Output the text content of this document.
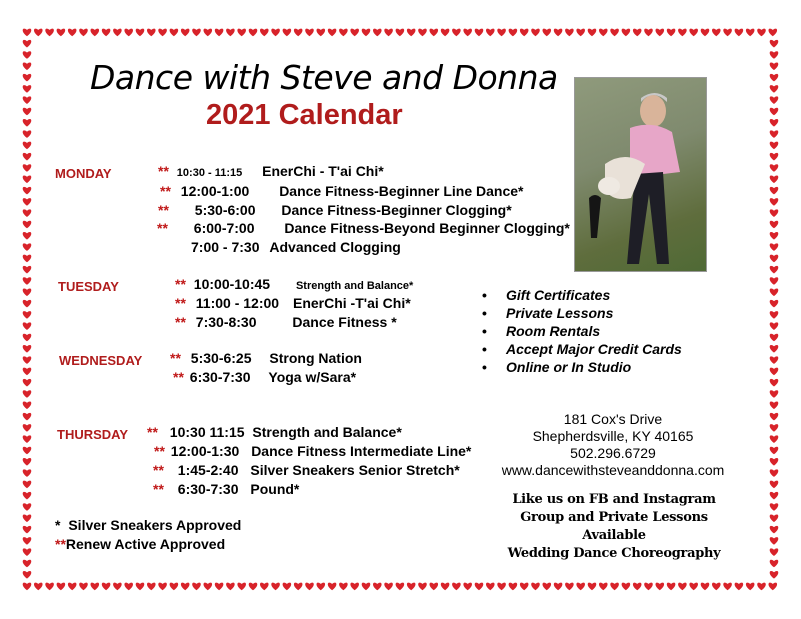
Dance with Steve and Donna
2021 Calendar
MONDAY	** 10:30 - 11:15 EnerChi - T'ai Chi*
** 12:00-1:00 Dance Fitness-Beginner Line Dance*
** 5:30-6:00 Dance Fitness-Beginner Clogging*
** 6:00-7:00 Dance Fitness-Beyond Beginner Clogging*
7:00 - 7:30 Advanced Clogging
TUESDAY	** 10:00-10:45 Strength and Balance*
** 11:00 - 12:00 EnerChi -T'ai Chi*
** 7:30-8:30	Dance Fitness *
WEDNESDAY ** 5:30-6:25 Strong Nation
** 6:30-7:30 Yoga w/Sara*
THURSDAY ** 10:30 11:15 Strength and Balance*
** 12:00-1:30 Dance Fitness Intermediate Line*
** 1:45-2:40 Silver Sneakers Senior Stretch*
** 6:30-7:30 Pound*
• Gift Certificates
• Private Lessons
• Room Rentals
• Accept Major Credit Cards
• Online or In Studio
181 Cox's Drive
Shepherdsville, KY 40165
502.296.6729
www.dancewithsteveanddonna.com
Like us on FB and Instagram
Group and Private Lessons
Available
Wedding Dance Choreography
* Silver Sneakers Approved
**Renew Active Approved
